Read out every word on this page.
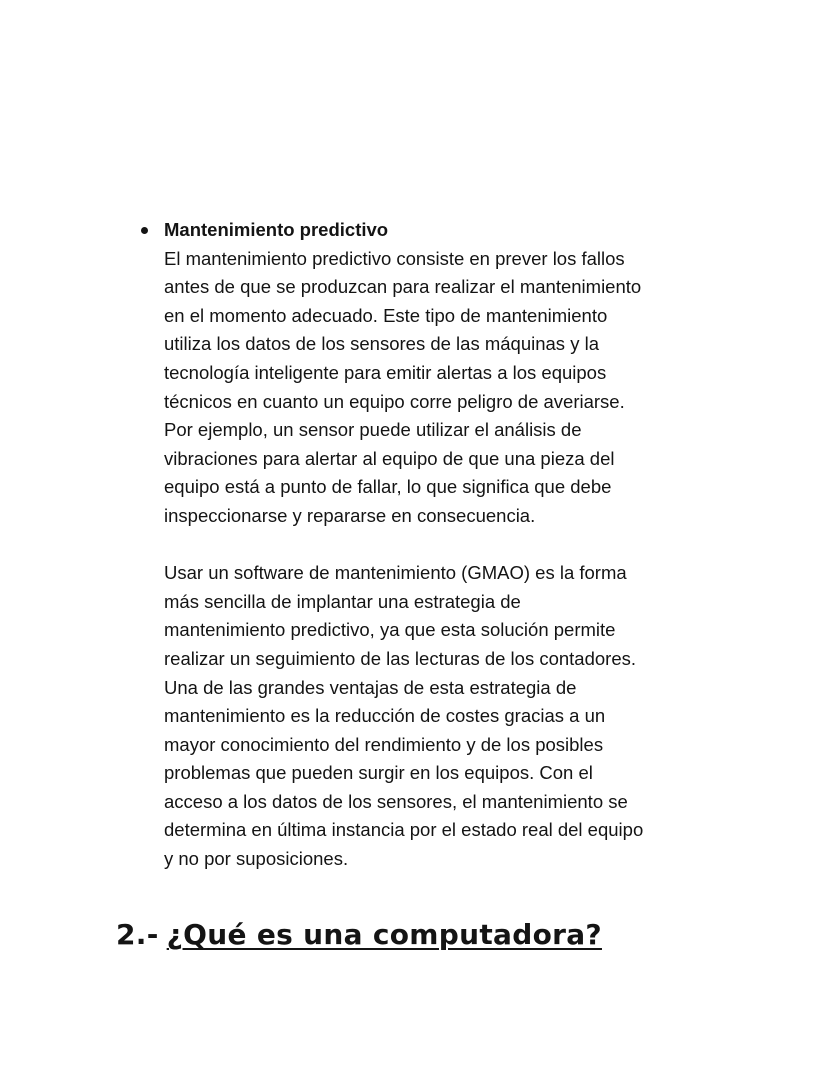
Mantenimiento predictivo

El mantenimiento predictivo consiste en prever los fallos

antes de que se produzcan para realizar el mantenimiento

en el momento adecuado. Este tipo de mantenimiento

utiliza los datos de los sensores de las máquinas y la

tecnología inteligente para emitir alertas a los equipos

técnicos en cuanto un equipo corre peligro de averiarse.

Por ejemplo, un sensor puede utilizar el análisis de

vibraciones para alertar al equipo de que una pieza del

equipo está a punto de fallar, lo que significa que debe

inspeccionarse y repararse en consecuencia.

Usar un software de mantenimiento (GMAO) es la forma

más sencilla de implantar una estrategia de

mantenimiento predictivo, ya que esta solución permite

realizar un seguimiento de las lecturas de los contadores.

Una de las grandes ventajas de esta estrategia de

mantenimiento es la reducción de costes gracias a un

mayor conocimiento del rendimiento y de los posibles

problemas que pueden surgir en los equipos. Con el

acceso a los datos de los sensores, el mantenimiento se

determina en última instancia por el estado real del equipo

y no por suposiciones.

2.- ¿Qué es una computadora?
